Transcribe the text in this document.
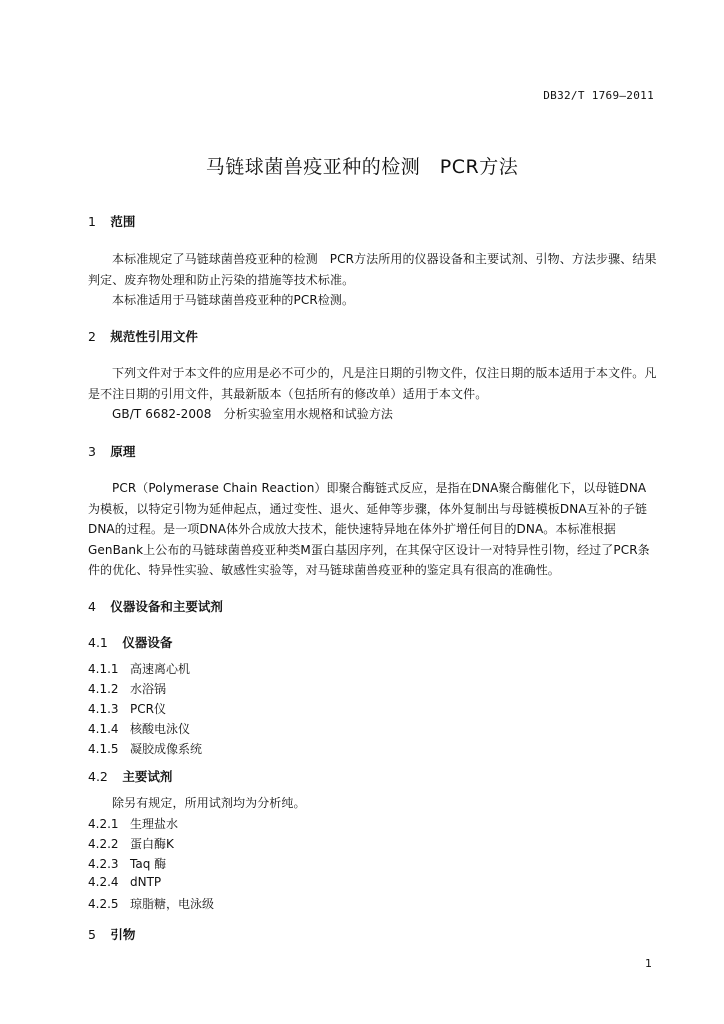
DB32/T 1769—2011
马链球菌兽疫亚种的检测　PCR方法
1 范围
本标准规定了马链球菌兽疫亚种的检测　PCR方法所用的仪器设备和主要试剂、引物、方法步骤、结果判定、废弃物处理和防止污染的措施等技术标准。
本标准适用于马链球菌兽疫亚种的PCR检测。
2 规范性引用文件
下列文件对于本文件的应用是必不可少的，凡是注日期的引物文件，仅注日期的版本适用于本文件。凡是不注日期的引用文件，其最新版本（包括所有的修改单）适用于本文件。
GB/T 6682-2008　分析实验室用水规格和试验方法
3 原理
PCR（Polymerase Chain Reaction）即聚合酶链式反应，是指在DNA聚合酶催化下，以母链DNA为模板，以特定引物为延伸起点，通过变性、退火、延伸等步骤，体外复制出与母链模板DNA互补的子链DNA的过程。是一项DNA体外合成放大技术，能快速特异地在体外扩增任何目的DNA。本标准根据GenBank上公布的马链球菌兽疫亚种类M蛋白基因序列，在其保守区设计一对特异性引物，经过了PCR条件的优化、特异性实验、敏感性实验等，对马链球菌兽疫亚种的鉴定具有很高的准确性。
4 仪器设备和主要试剂
4.1 仪器设备
4.1.1 高速离心机
4.1.2 水浴锅
4.1.3 PCR仪
4.1.4 核酸电泳仪
4.1.5 凝胶成像系统
4.2 主要试剂
除另有规定，所用试剂均为分析纯。
4.2.1 生理盐水
4.2.2 蛋白酶K
4.2.3 Taq 酶
4.2.4 dNTP
4.2.5 琼脂糖，电泳级
5 引物
1
